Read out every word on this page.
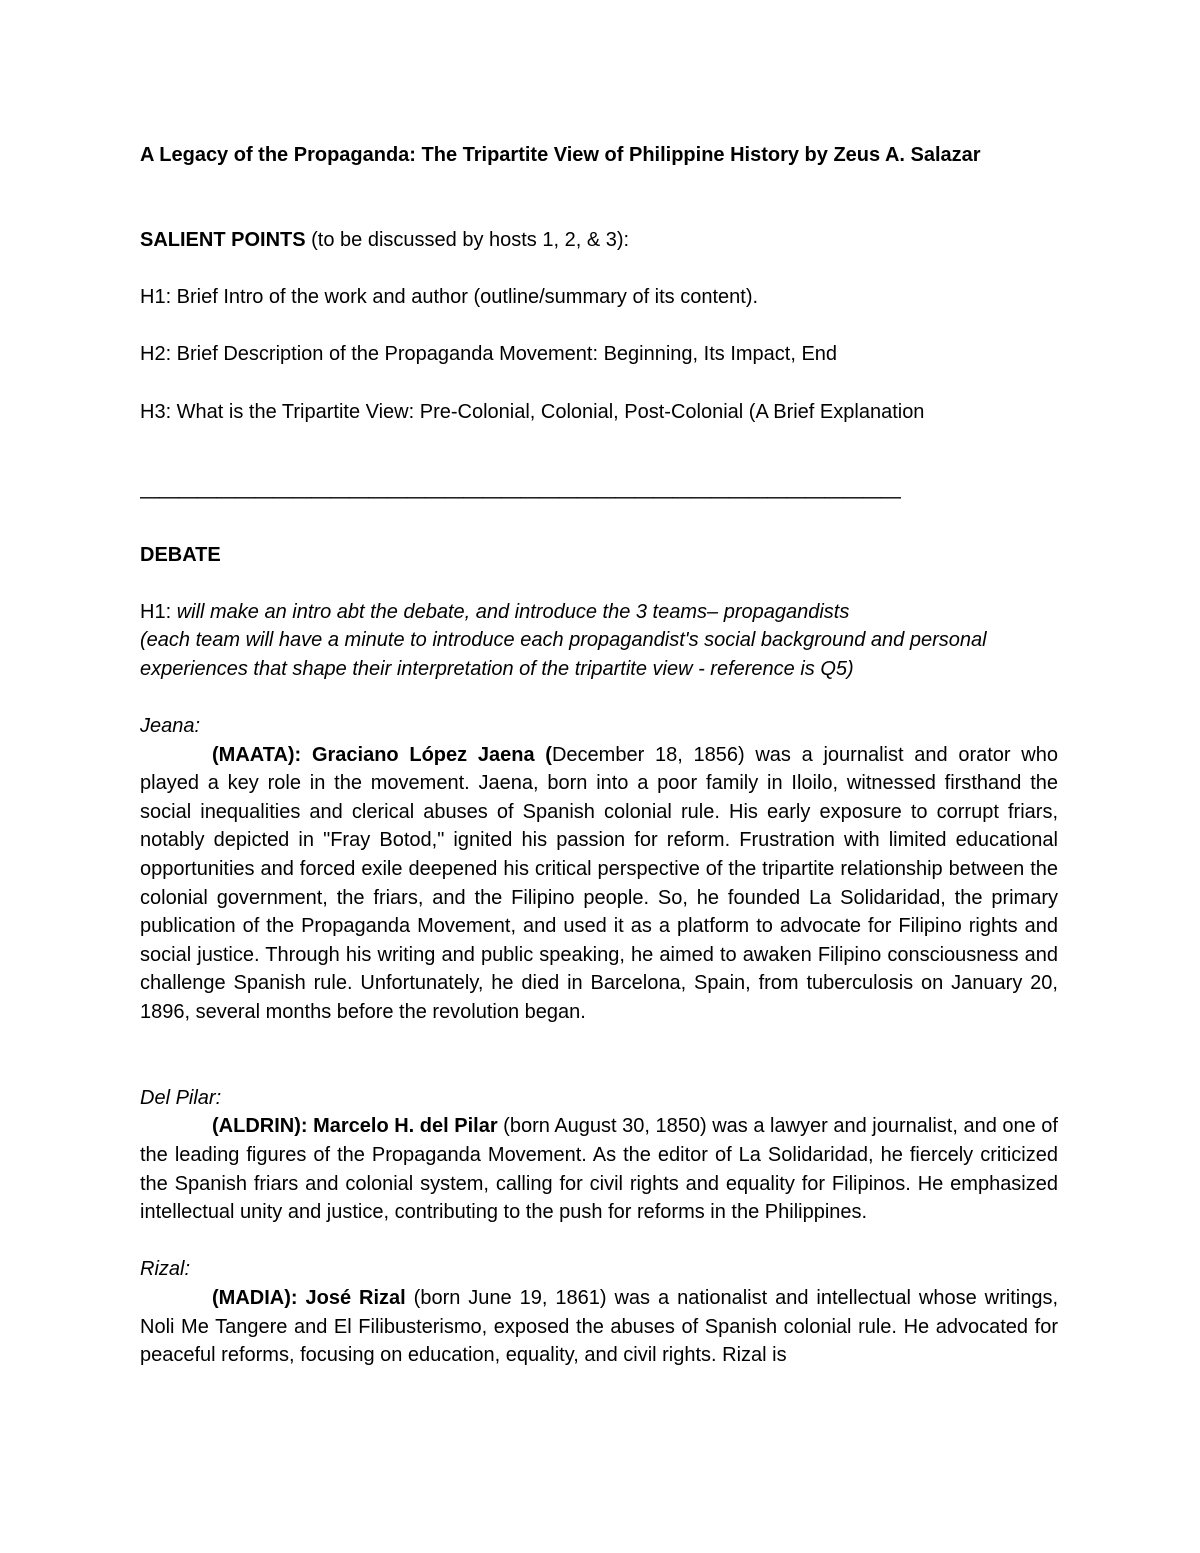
A Legacy of the Propaganda: The Tripartite View of Philippine History by Zeus A. Salazar
SALIENT POINTS (to be discussed by hosts 1, 2, & 3):
H1: Brief Intro of the work and author (outline/summary of its content).
H2: Brief Description of the Propaganda Movement: Beginning, Its Impact, End
H3: What is the Tripartite View: Pre-Colonial, Colonial, Post-Colonial (A Brief Explanation
————————————————————————————————————————
DEBATE
H1: will make an intro abt the debate, and introduce the 3 teams– propagandists
(each team will have a minute to introduce each propagandist's social background and personal experiences that shape their interpretation of the tripartite view - reference is Q5)
Jeana:
(MAATA): Graciano López Jaena (December 18, 1856) was a journalist and orator who played a key role in the movement. Jaena, born into a poor family in Iloilo, witnessed firsthand the social inequalities and clerical abuses of Spanish colonial rule. His early exposure to corrupt friars, notably depicted in "Fray Botod," ignited his passion for reform. Frustration with limited educational opportunities and forced exile deepened his critical perspective of the tripartite relationship between the colonial government, the friars, and the Filipino people. So, he founded La Solidaridad, the primary publication of the Propaganda Movement, and used it as a platform to advocate for Filipino rights and social justice. Through his writing and public speaking, he aimed to awaken Filipino consciousness and challenge Spanish rule. Unfortunately, he died in Barcelona, Spain, from tuberculosis on January 20, 1896, several months before the revolution began.
Del Pilar:
(ALDRIN): Marcelo H. del Pilar (born August 30, 1850) was a lawyer and journalist, and one of the leading figures of the Propaganda Movement. As the editor of La Solidaridad, he fiercely criticized the Spanish friars and colonial system, calling for civil rights and equality for Filipinos. He emphasized intellectual unity and justice, contributing to the push for reforms in the Philippines.
Rizal:
(MADIA): José Rizal (born June 19, 1861) was a nationalist and intellectual whose writings, Noli Me Tangere and El Filibusterismo, exposed the abuses of Spanish colonial rule. He advocated for peaceful reforms, focusing on education, equality, and civil rights. Rizal is
